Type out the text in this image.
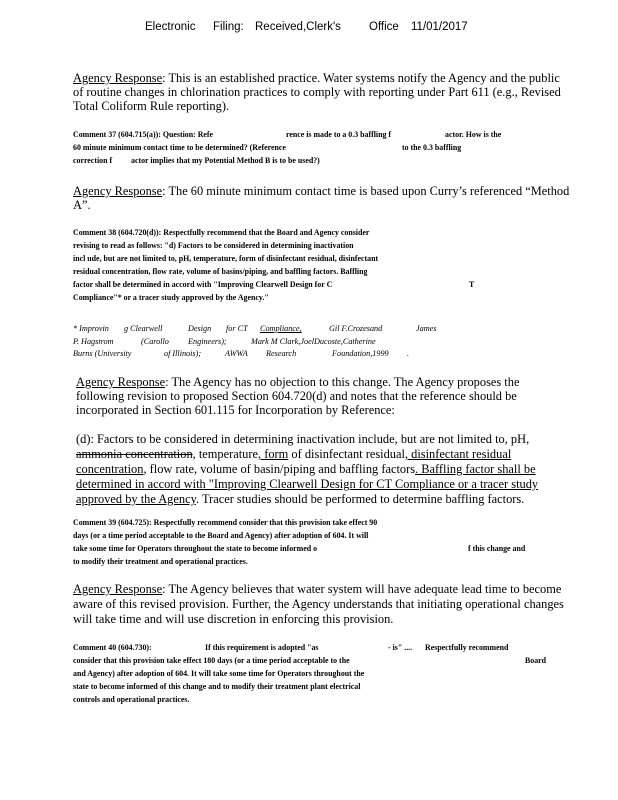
Electronic Filing: Received,Clerk's Office 11/01/2017
Agency Response: This is an established practice. Water systems notify the Agency and the public of routine changes in chlorination practices to comply with reporting under Part 611 (e.g., Revised Total Coliform Rule reporting).
Comment 37 (604.715(a)): Question: Refe	rence is made to a 0.3 baffling f	actor. How is the
60 minute minimum contact time to be determined? (Reference	to the 0.3 baffling
correction f actor implies that my Potential Method B is to be used?)
Agency Response: The 60 minute minimum contact time is based upon Curry’s referenced “Method A”.
Comment 38 (604.720(d)): Respectfully recommend that the Board and Agency consider
revising to read as follows: "d) Factors to be considered in determining inactivation
incl ude, but are not limited to, pH, temperature, form of disinfectant residual, disinfectant
residual concentration, flow rate, volume of basins/piping, and baffling factors. Baffling
factor shall be determined in accord with "Improving Clearwell Design for C	T
Compliance"* or a tracer study approved by the Agency."
* Improvin g Clearwell	Design for CT Compliance,	Gil F.Crozesand	James
P. Hagstrom	(Carollo Engineers);	Mark M Clark,JoelDucoste,Catherine
Burns (University	of Illinois);	AWWA Research	Foundation,1999 .
Agency Response: The Agency has no objection to this change. The Agency proposes the following revision to proposed Section 604.720(d) and notes that the reference should be incorporated in Section 601.115 for Incorporation by Reference:
(d): Factors to be considered in determining inactivation include, but are not limited to, pH, ammonia concentration, temperature, form of disinfectant residual, disinfectant residual concentration, flow rate, volume of basin/piping and baffling factors. Baffling factor shall be determined in accord with "Improving Clearwell Design for CT Compliance or a tracer study approved by the Agency. Tracer studies should be performed to determine baffling factors.
Comment 39 (604.725): Respectfully recommend consider that this provision take effect 90
days (or a time period acceptable to the Board and Agency) after adoption of 604. It will
take some time for Operators throughout the state to become informed o	f this change and
to modify their treatment and operational practices.
Agency Response: The Agency believes that water system will have adequate lead time to become aware of this revised provision. Further, the Agency understands that initiating operational changes will take time and will use discretion in enforcing this provision.
Comment 40 (604.730):	If this requirement is adopted "as	- is" .... Respectfully recommend
consider that this provision take effect 180 days (or a time period acceptable to the	Board
and Agency) after adoption of 604. It will take some time for Operators throughout the
state to become informed of this change and to modify their treatment plant electrical
controls and operational practices.
